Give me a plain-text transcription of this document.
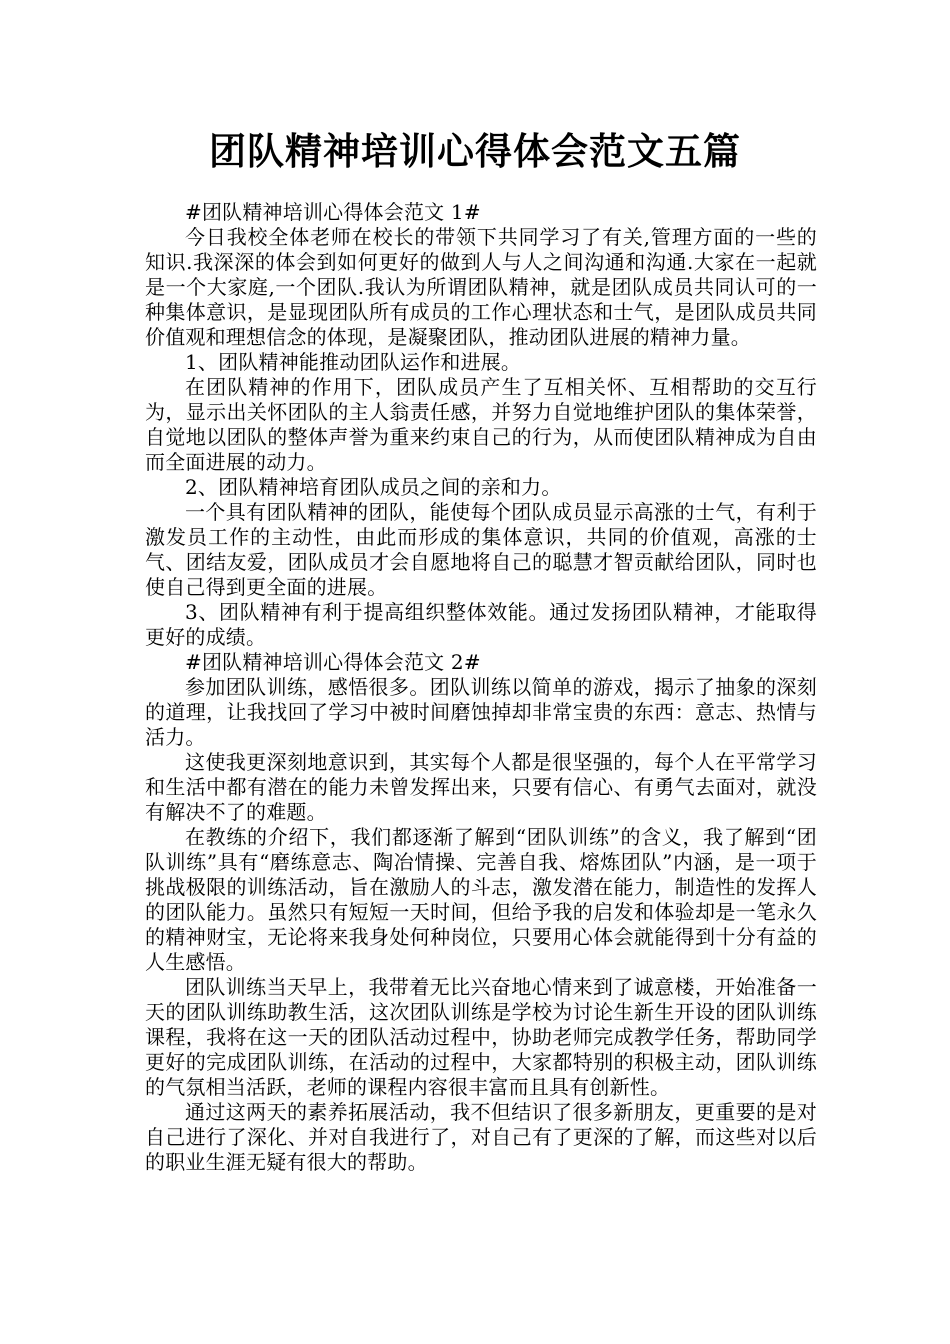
团队精神培训心得体会范文五篇

#团队精神培训心得体会范文 1#

今日我校全体老师在校长的带领下共同学习了有关,管理方面的一些的知识.我深深的体会到如何更好的做到人与人之间沟通和沟通.大家在一起就是一个大家庭,一个团队.我认为所谓团队精神，就是团队成员共同认可的一种集体意识，是显现团队所有成员的工作心理状态和士气，是团队成员共同价值观和理想信念的体现，是凝聚团队，推动团队进展的精神力量。

1、团队精神能推动团队运作和进展。

在团队精神的作用下，团队成员产生了互相关怀、互相帮助的交互行为，显示出关怀团队的主人翁责任感，并努力自觉地维护团队的集体荣誉，自觉地以团队的整体声誉为重来约束自己的行为，从而使团队精神成为自由而全面进展的动力。

2、团队精神培育团队成员之间的亲和力。

一个具有团队精神的团队，能使每个团队成员显示高涨的士气，有利于激发员工作的主动性，由此而形成的集体意识，共同的价值观，高涨的士气、团结友爱，团队成员才会自愿地将自己的聪慧才智贡献给团队，同时也使自己得到更全面的进展。

3、团队精神有利于提高组织整体效能。通过发扬团队精神，才能取得更好的成绩。

#团队精神培训心得体会范文 2#

参加团队训练，感悟很多。团队训练以简单的游戏，揭示了抽象的深刻的道理，让我找回了学习中被时间磨蚀掉却非常宝贵的东西：意志、热情与活力。

这使我更深刻地意识到，其实每个人都是很坚强的，每个人在平常学习和生活中都有潜在的能力未曾发挥出来，只要有信心、有勇气去面对，就没有解决不了的难题。

在教练的介绍下，我们都逐渐了解到“团队训练”的含义，我了解到“团队训练”具有“磨练意志、陶冶情操、完善自我、熔炼团队”内涵，是一项于挑战极限的训练活动，旨在激励人的斗志，激发潜在能力，制造性的发挥人的团队能力。虽然只有短短一天时间，但给予我的启发和体验却是一笔永久的精神财宝，无论将来我身处何种岗位，只要用心体会就能得到十分有益的人生感悟。

团队训练当天早上，我带着无比兴奋地心情来到了诚意楼，开始准备一天的团队训练助教生活，这次团队训练是学校为讨论生新生开设的团队训练课程，我将在这一天的团队活动过程中，协助老师完成教学任务，帮助同学更好的完成团队训练，在活动的过程中，大家都特别的积极主动，团队训练的气氛相当活跃，老师的课程内容很丰富而且具有创新性。

通过这两天的素养拓展活动，我不但结识了很多新朋友，更重要的是对自己进行了深化、并对自我进行了，对自己有了更深的了解，而这些对以后的职业生涯无疑有很大的帮助。
